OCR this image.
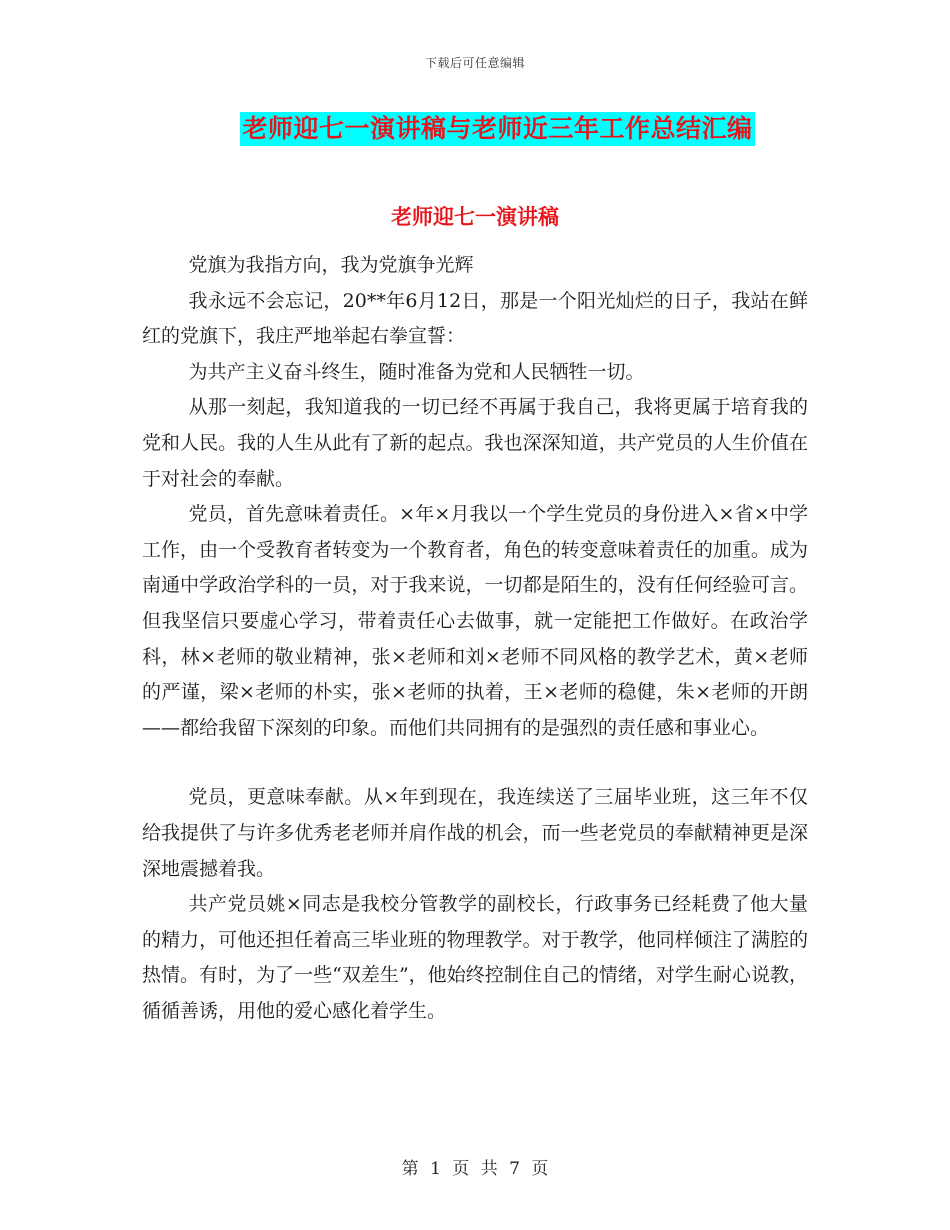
下载后可任意编辑
老师迎七一演讲稿与老师近三年工作总结汇编
老师迎七一演讲稿

党旗为我指方向，我为党旗争光辉

我永远不会忘记，20**年6月12日，那是一个阳光灿烂的日子，我站在鲜红的党旗下，我庄严地举起右拳宣誓：

为共产主义奋斗终生，随时准备为党和人民牺牲一切。

从那一刻起，我知道我的一切已经不再属于我自己，我将更属于培育我的党和人民。我的人生从此有了新的起点。我也深深知道，共产党员的人生价值在于对社会的奉献。

党员，首先意味着责任。×年×月我以一个学生党员的身份进入×省×中学工作，由一个受教育者转变为一个教育者，角色的转变意味着责任的加重。成为南通中学政治学科的一员，对于我来说，一切都是陌生的，没有任何经验可言。但我坚信只要虚心学习，带着责任心去做事，就一定能把工作做好。在政治学科，林×老师的敬业精神，张×老师和刘×老师不同风格的教学艺术，黄×老师的严谨，梁×老师的朴实，张×老师的执着，王×老师的稳健，朱×老师的开朗——都给我留下深刻的印象。而他们共同拥有的是强烈的责任感和事业心。

党员，更意味奉献。从×年到现在，我连续送了三届毕业班，这三年不仅给我提供了与许多优秀老老师并肩作战的机会，而一些老党员的奉献精神更是深深地震撼着我。

共产党员姚×同志是我校分管教学的副校长，行政事务已经耗费了他大量的精力，可他还担任着高三毕业班的物理教学。对于教学，他同样倾注了满腔的热情。有时，为了一些“双差生”，他始终控制住自己的情绪，对学生耐心说教，循循善诱，用他的爱心感化着学生。

第 1 页 共 7 页
